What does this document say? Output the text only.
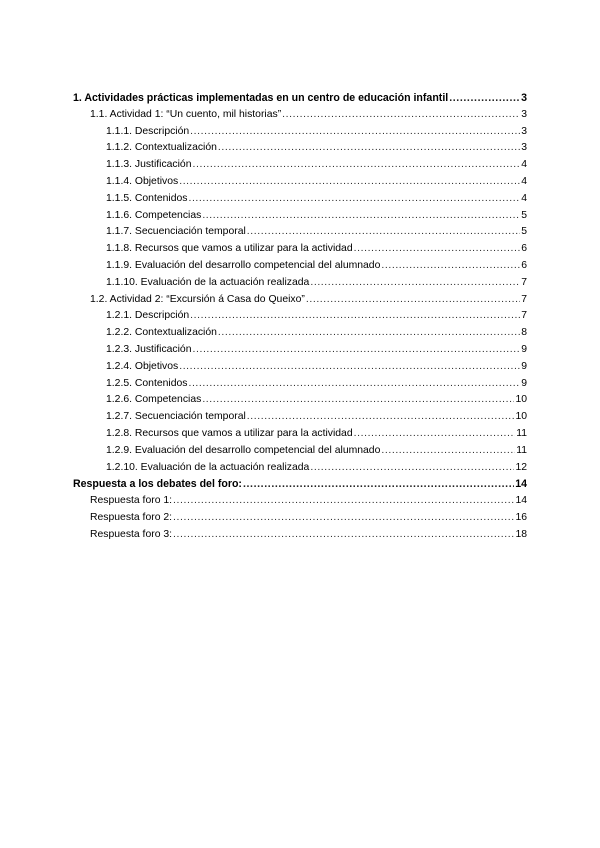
1. Actividades prácticas implementadas en un centro de educación infantil .....	3
1.1. Actividad 1: “Un cuento, mil historias” .....	3
1.1.1. Descripción .....	3
1.1.2. Contextualización .....	3
1.1.3. Justificación .....	4
1.1.4. Objetivos .....	4
1.1.5. Contenidos .....	4
1.1.6. Competencias .....	5
1.1.7. Secuenciación temporal .....	5
1.1.8. Recursos que vamos a utilizar para la actividad .....	6
1.1.9. Evaluación del desarrollo competencial del alumnado .....	6
1.1.10. Evaluación de la actuación realizada .....	7
1.2. Actividad 2: “Excursión á Casa do Queixo” .....	7
1.2.1. Descripción .....	7
1.2.2. Contextualización .....	8
1.2.3. Justificación .....	9
1.2.4. Objetivos .....	9
1.2.5. Contenidos .....	9
1.2.6. Competencias .....	10
1.2.7. Secuenciación temporal .....	10
1.2.8. Recursos que vamos a utilizar para la actividad .....	11
1.2.9. Evaluación del desarrollo competencial del alumnado .....	11
1.2.10. Evaluación de la actuación realizada .....	12
Respuesta a los debates del foro: .....	14
Respuesta foro 1: .....	14
Respuesta foro 2: .....	16
Respuesta foro 3: .....	18
